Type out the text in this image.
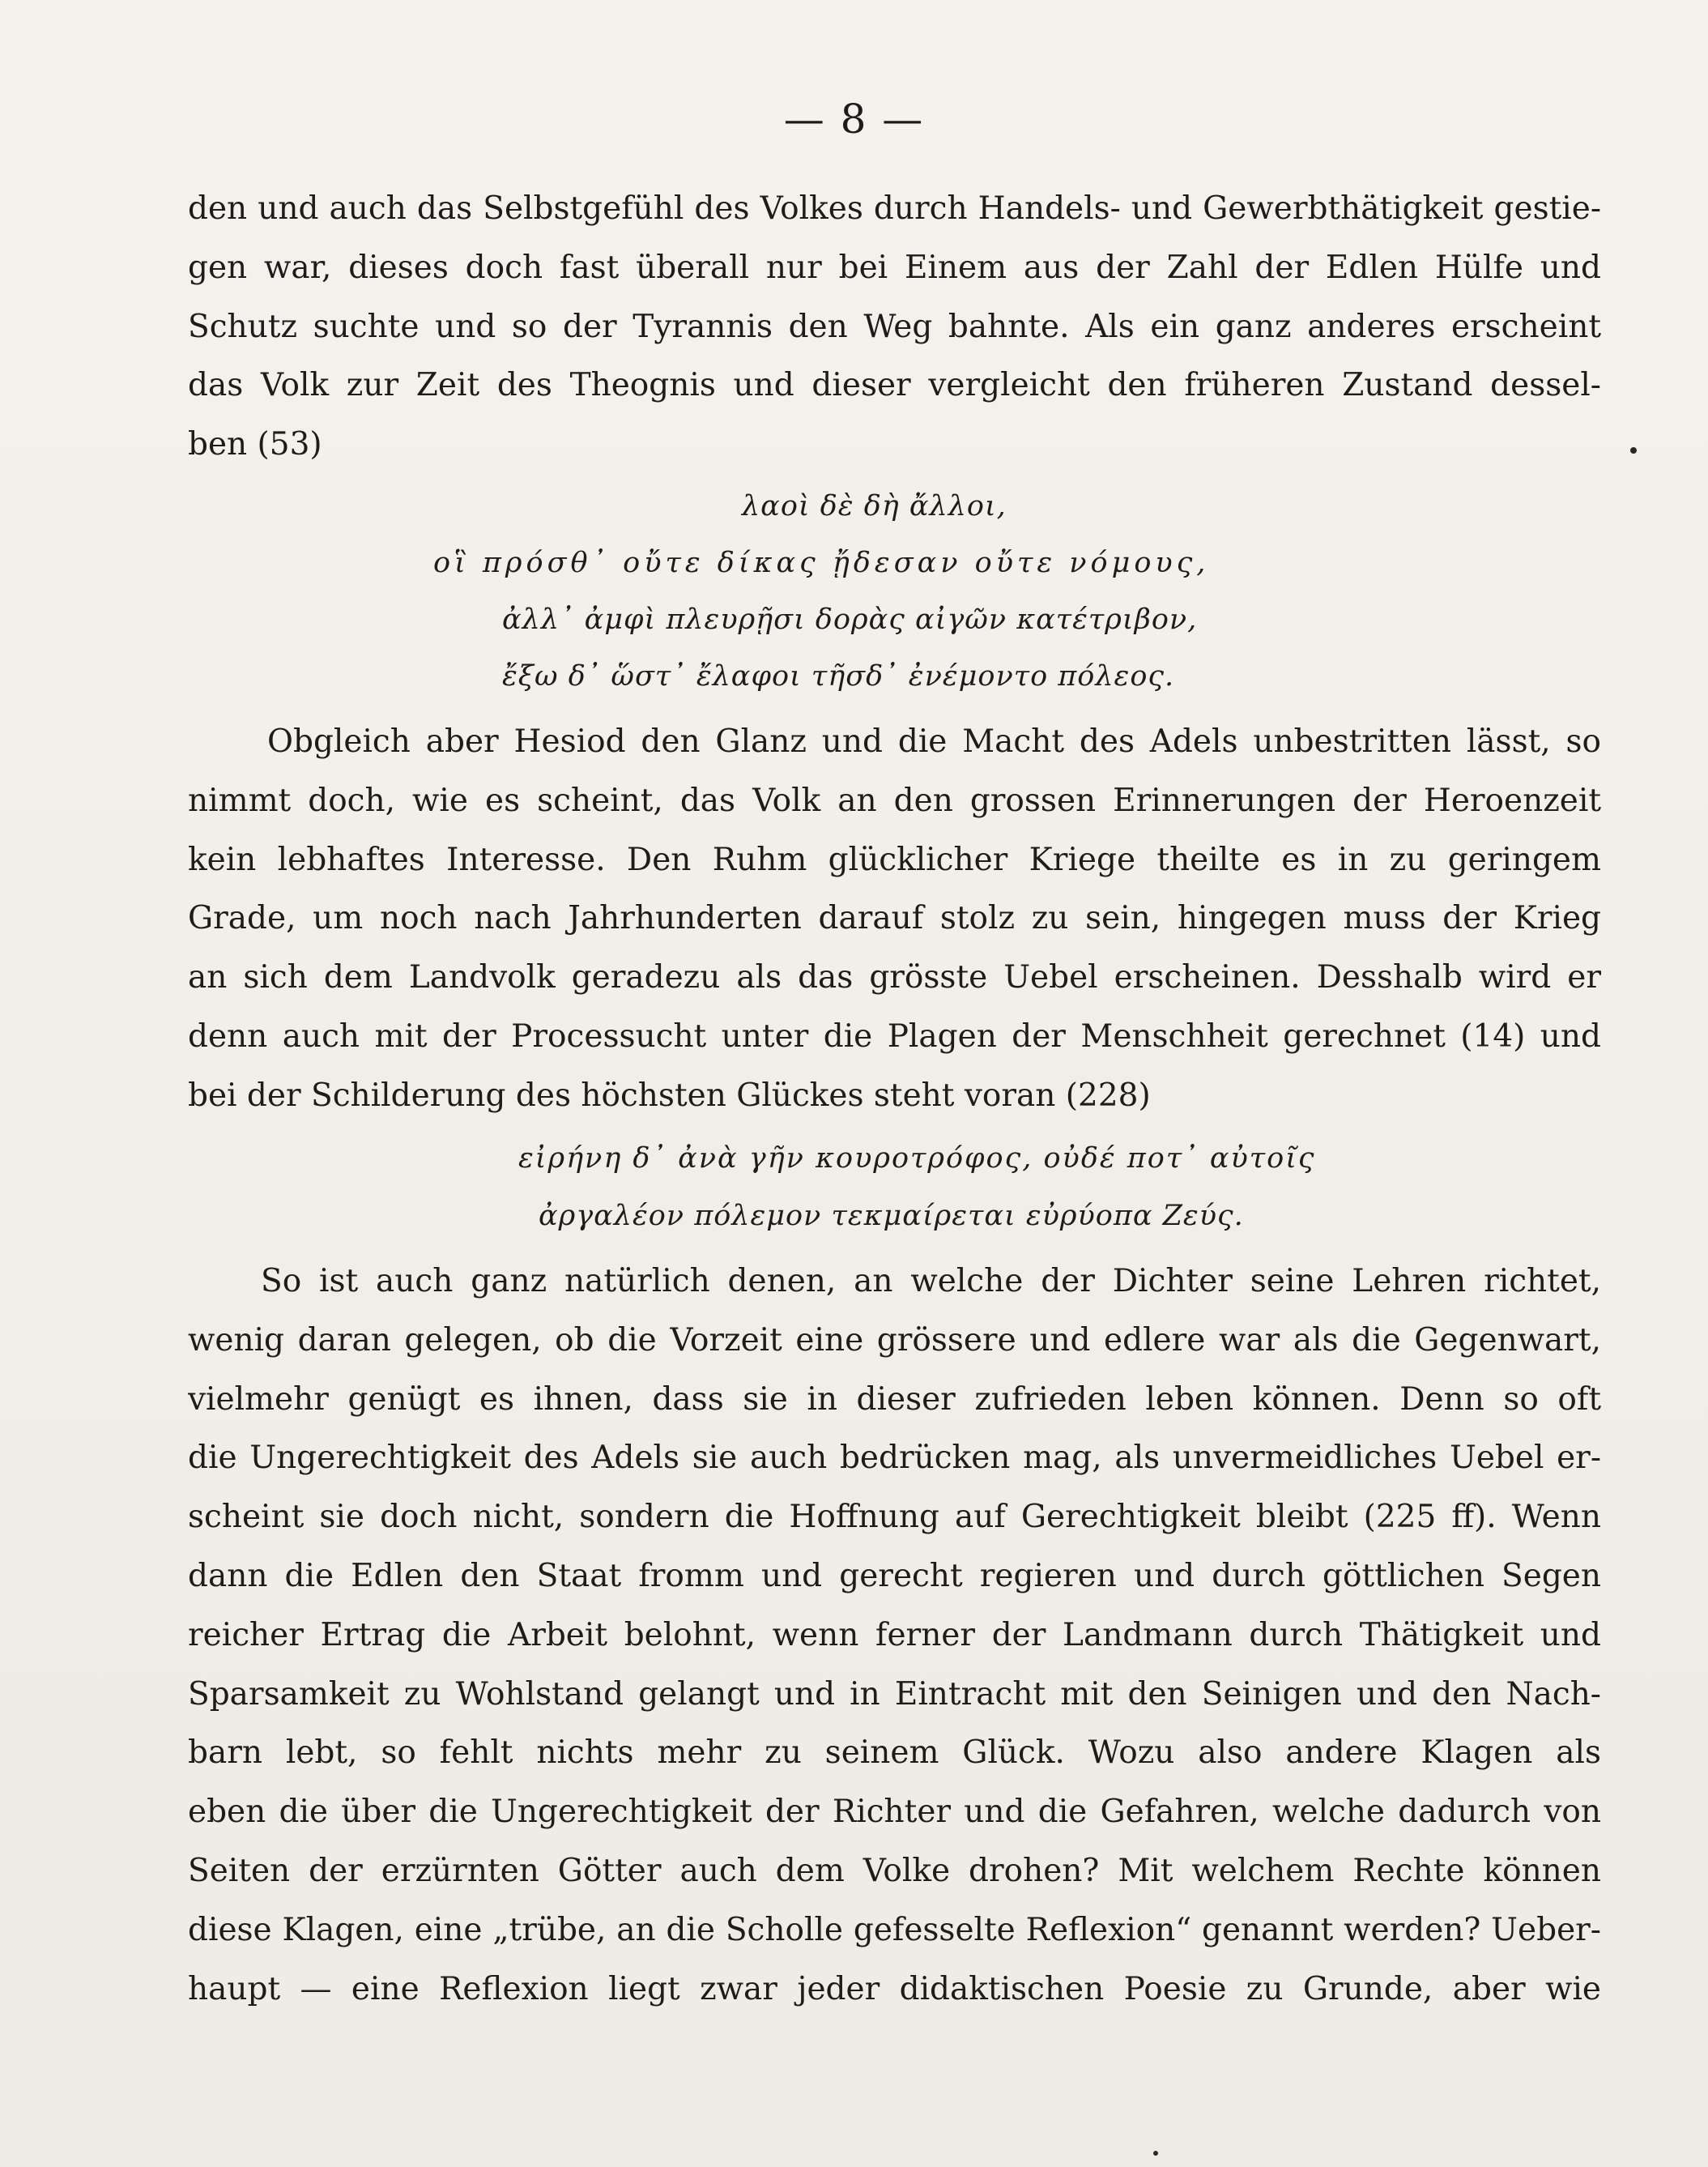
— 8 —
den und auch das Selbstgefühl des Volkes durch Handels- und Gewerbthätigkeit gestie-
gen war, dieses doch fast überall nur bei Einem aus der Zahl der Edlen Hülfe und
Schutz suchte und so der Tyrannis den Weg bahnte. Als ein ganz anderes erscheint
das Volk zur Zeit des Theognis und dieser vergleicht den früheren Zustand dessel-
ben (53)
λαοὶ δὲ δὴ ἄλλοι,
οἳ πρόσθ᾽ οὔτε δίκας ᾔδεσαν οὔτε νόμους,
ἀλλ᾽ ἀμφὶ πλευρῇσι δορὰς αἰγῶν κατέτριβον,
ἔξω δ᾽ ὥστ᾽ ἔλαφοι τῆσδ᾽ ἐνέμοντο πόλεος.
Obgleich aber Hesiod den Glanz und die Macht des Adels unbestritten lässt, so
nimmt doch, wie es scheint, das Volk an den grossen Erinnerungen der Heroenzeit
kein lebhaftes Interesse. Den Ruhm glücklicher Kriege theilte es in zu geringem
Grade, um noch nach Jahrhunderten darauf stolz zu sein, hingegen muss der Krieg
an sich dem Landvolk geradezu als das grösste Uebel erscheinen. Desshalb wird er
denn auch mit der Processucht unter die Plagen der Menschheit gerechnet (14) und
bei der Schilderung des höchsten Glückes steht voran (228)
εἰρήνη δ᾽ ἀνὰ γῆν κουροτρόφος, οὐδέ ποτ᾽ αὐτοῖς
ἀργαλέον πόλεμον τεκμαίρεται εὐρύοπα Ζεύς.
So ist auch ganz natürlich denen, an welche der Dichter seine Lehren richtet,
wenig daran gelegen, ob die Vorzeit eine grössere und edlere war als die Gegenwart,
vielmehr genügt es ihnen, dass sie in dieser zufrieden leben können. Denn so oft
die Ungerechtigkeit des Adels sie auch bedrücken mag, als unvermeidliches Uebel er-
scheint sie doch nicht, sondern die Hoffnung auf Gerechtigkeit bleibt (225 ff). Wenn
dann die Edlen den Staat fromm und gerecht regieren und durch göttlichen Segen
reicher Ertrag die Arbeit belohnt, wenn ferner der Landmann durch Thätigkeit und
Sparsamkeit zu Wohlstand gelangt und in Eintracht mit den Seinigen und den Nach-
barn lebt, so fehlt nichts mehr zu seinem Glück. Wozu also andere Klagen als
eben die über die Ungerechtigkeit der Richter und die Gefahren, welche dadurch von
Seiten der erzürnten Götter auch dem Volke drohen? Mit welchem Rechte können
diese Klagen, eine „trübe, an die Scholle gefesselte Reflexion“ genannt werden? Ueber-
haupt — eine Reflexion liegt zwar jeder didaktischen Poesie zu Grunde, aber wie
